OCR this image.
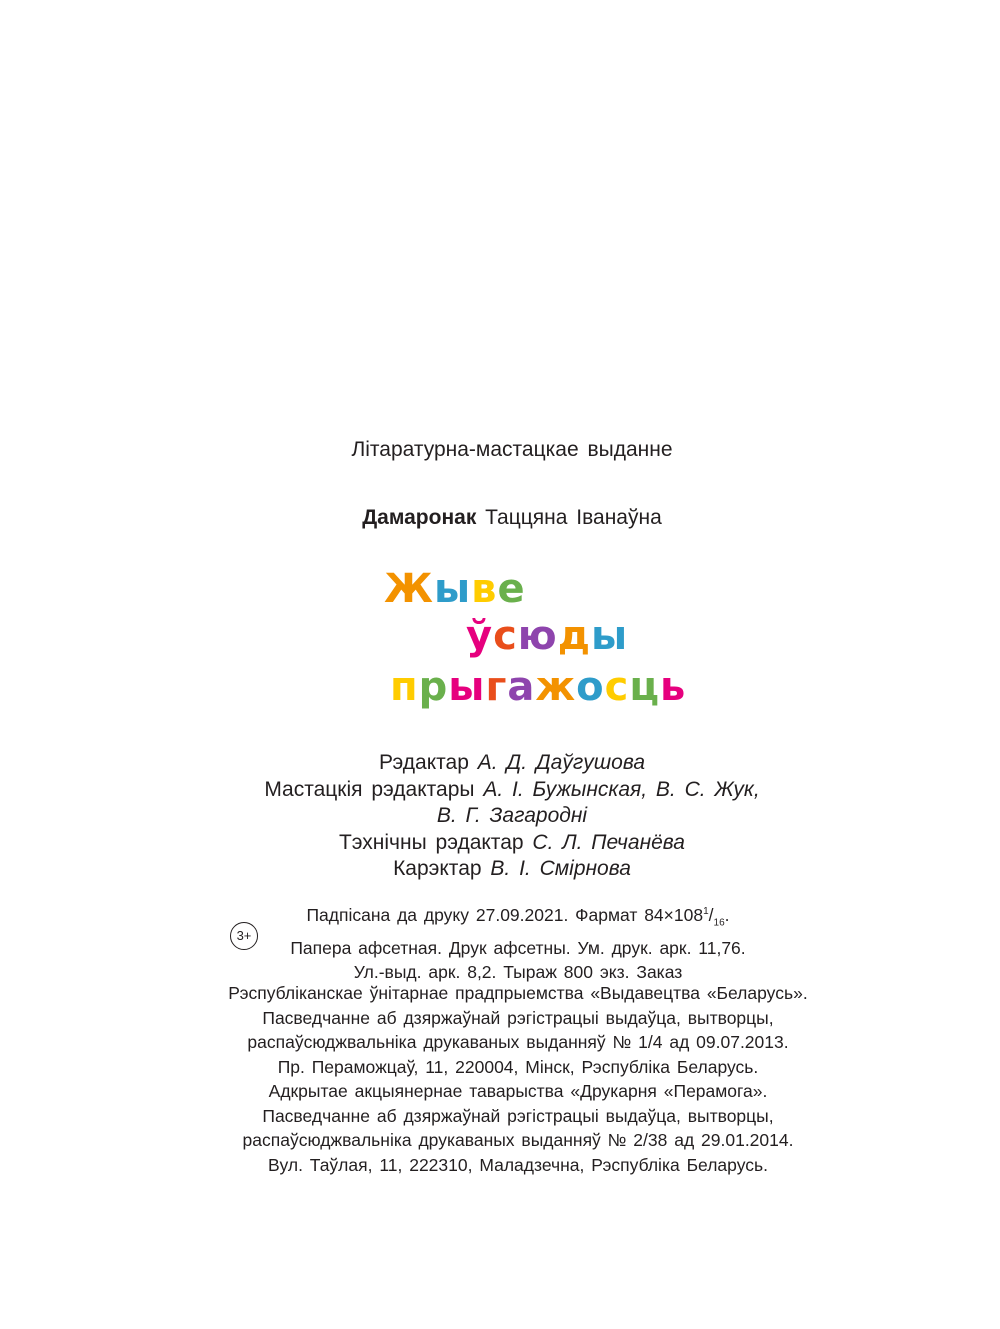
Літаратурна-мастацкае выданне
Дамаронак Таццяна Іванаўна
Жыве
ўсюды
прыгажосць
Рэдактар А. Д. Даўгушова
Мастацкія рэдактары А. І. Бужынская, В. С. Жук,
В. Г. Загародні
Тэхнічны рэдактар С. Л. Печанёва
Карэктар В. І. Смірнова
3+
Падпісана да друку 27.09.2021. Фармат $84\times 108^1/_{16}$.
Папера афсетная. Друк афсетны. Ум. друк. арк. 11,76.
Ул.-выд. арк. 8,2. Тыраж 800 экз. Заказ
Рэспубліканскае ўнітарнае прадпрыемства «Выдавецтва «Беларусь».
Пасведчанне аб дзяржаўнай рэгістрацыі выдаўца, вытворцы,
распаўсюджвальніка друкаваных выданняў № 1/4 ад 09.07.2013.
Пр. Пераможцаў, 11, 220004, Мінск, Рэспубліка Беларусь.
Адкрытае акцыянернае таварыства «Друкарня «Перамога».
Пасведчанне аб дзяржаўнай рэгістрацыі выдаўца, вытворцы,
распаўсюджвальніка друкаваных выданняў № 2/38 ад 29.01.2014.
Вул. Таўлая, 11, 222310, Маладзечна, Рэспубліка Беларусь.
